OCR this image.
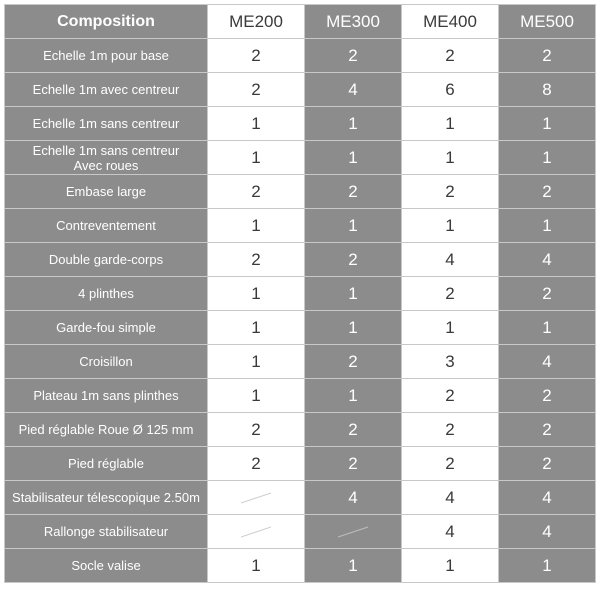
Composition	ME200	ME300	ME400	ME500
Echelle 1m pour base	2	2	2	2
Echelle 1m avec centreur	2	4	6	8
Echelle 1m sans centreur	1	1	1	1
Echelle 1m sans centreur
Avec roues	1	1	1	1
Embase large	2	2	2	2
Contreventement	1	1	1	1
Double garde-corps	2	2	4	4
4 plinthes	1	1	2	2
Garde-fou simple	1	1	1	1
Croisillon	1	2	3	4
Plateau 1m sans plinthes	1	1	2	2
Pied réglable Roue Ø 125 mm	2	2	2	2
Pied réglable	2	2	2	2
Stabilisateur télescopique 2.50m		4	4	4
Rallonge stabilisateur			4	4
Socle valise	1	1	1	1
